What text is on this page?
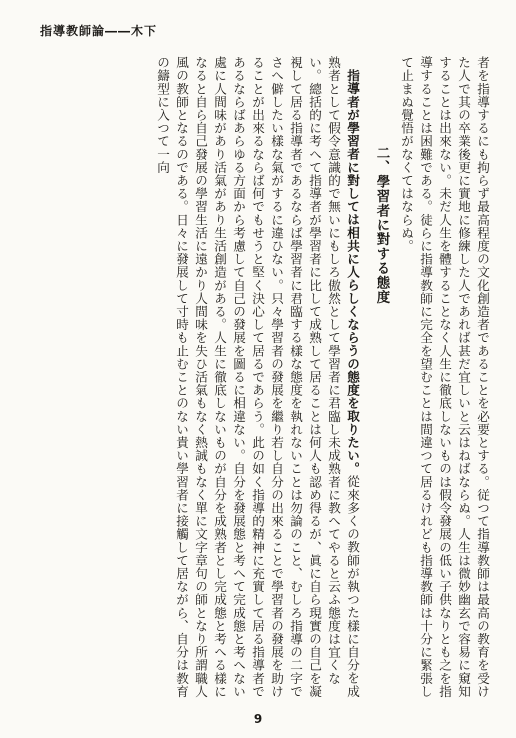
指導教師論――木下

者を指導するにも拘らず最高程度の文化創造者であることを必要とする。従つて指導教師は最高の教育を受けた人で其の卒業後更に實地に修練した人であれば甚だ宜しいと云はねばならぬ。人生は微妙幽玄で容易に窺知することは出來ない。未だ人生を體することなく人生に徹底しないものは假令發展の低い子供なりとも之を指導することは困難である。徒らに指導教師に完全を望むことは間違つて居るけれども指導教師は十分に緊張して止まぬ覺悟がなくてはならぬ。

二、學習者に對する態度

指導者が學習者に對しては相共に人らしくならうの態度を取りたい。從來多くの教師が執つた樣に自分を成熟者として假令意識的で無いにもしろ傲然として學習者に君臨し未成熟者に教へてやると云ふ態度は宜くない。總括的に考へて指導者が學習者に比して成熟して居ることは何人も認め得るが、眞に自ら現實の自己を凝視して居る指導者であるならば學習者に君臨する樣な態度を執れないことは勿論のこと、むしろ指導の二字でさへ僻したい樣な氣がするに違ひない。只々學習者の發展を繼り若し自分の出來ることで學習者の發展を助けることが出來るならば何でもせうと堅く決心して居るであらう。此の如く指導的精神に充實して居る指導者であるならばあらゆる方面から考慮して自己の發展を圖るに相違ない。自分を發展態と考へて完成態と考へない處に人間味があり活氣があり生活創造がある。人生に徹底しないものが自分を成熟者とし完成態と考へる樣になると自ら自己發展の學習生活に遠かり人間味を失ひ活氣もなく熱誠もなく單に文字章句の師となり所謂職人風の教師となるのである。日々に發展して寸時も止むことのない貴い學習者に接觸して居ながら、自分は教育の鑄型に入つて一向

9
